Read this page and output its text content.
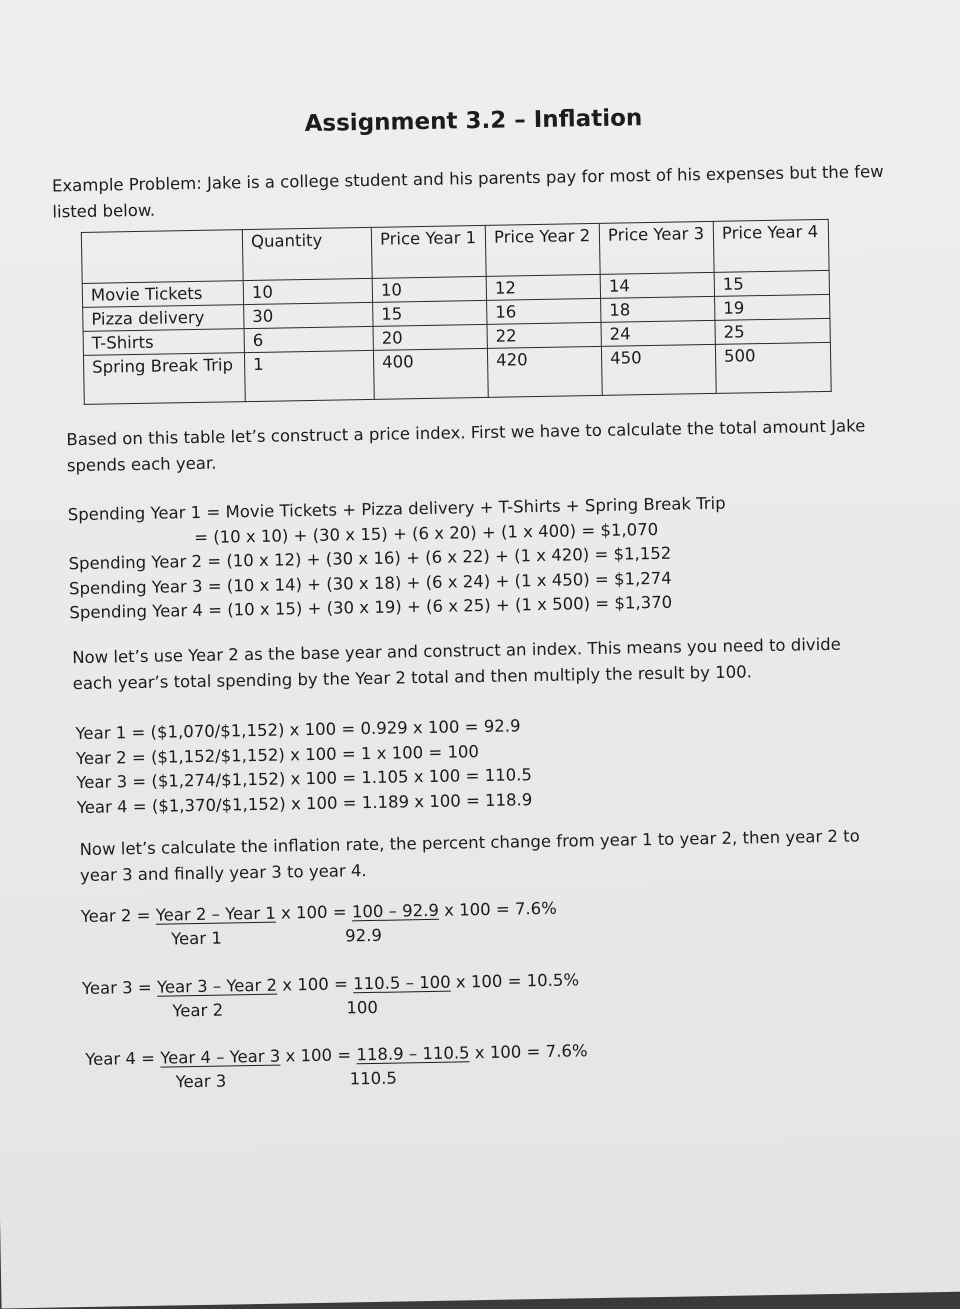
Assignment 3.2 – Inflation
Example Problem: Jake is a college student and his parents pay for most of his expenses but the few listed below.
	Quantity	Price Year 1	Price Year 2	Price Year 3	Price Year 4
Movie Tickets	10	10	12	14	15
Pizza delivery	30	15	16	18	19
T-Shirts	6	20	22	24	25
Spring Break Trip	1	400	420	450	500
Based on this table let’s construct a price index. First we have to calculate the total amount Jake spends each year.
Spending Year 1 = Movie Tickets + Pizza delivery + T-Shirts + Spring Break Trip
= (10 x 10) + (30 x 15) + (6 x 20) + (1 x 400) = $1,070
Spending Year 2 = (10 x 12) + (30 x 16) + (6 x 22) + (1 x 420) = $1,152
Spending Year 3 = (10 x 14) + (30 x 18) + (6 x 24) + (1 x 450) = $1,274
Spending Year 4 = (10 x 15) + (30 x 19) + (6 x 25) + (1 x 500) = $1,370
Now let’s use Year 2 as the base year and construct an index. This means you need to divide each year’s total spending by the Year 2 total and then multiply the result by 100.
Year 1 = ($1,070/$1,152) x 100 = 0.929 x 100 = 92.9
Year 2 = ($1,152/$1,152) x 100 = 1 x 100 = 100
Year 3 = ($1,274/$1,152) x 100 = 1.105 x 100 = 110.5
Year 4 = ($1,370/$1,152) x 100 = 1.189 x 100 = 118.9
Now let’s calculate the inflation rate, the percent change from year 1 to year 2, then year 2 to year 3 and finally year 3 to year 4.
Year 2 = Year 2 – Year 1 x 100 = 100 – 92.9 x 100 = 7.6%
Year 1	92.9
Year 3 = Year 3 – Year 2 x 100 = 110.5 – 100 x 100 = 10.5%
Year 2	100
Year 4 = Year 4 – Year 3 x 100 = 118.9 – 110.5 x 100 = 7.6%
Year 3	110.5
